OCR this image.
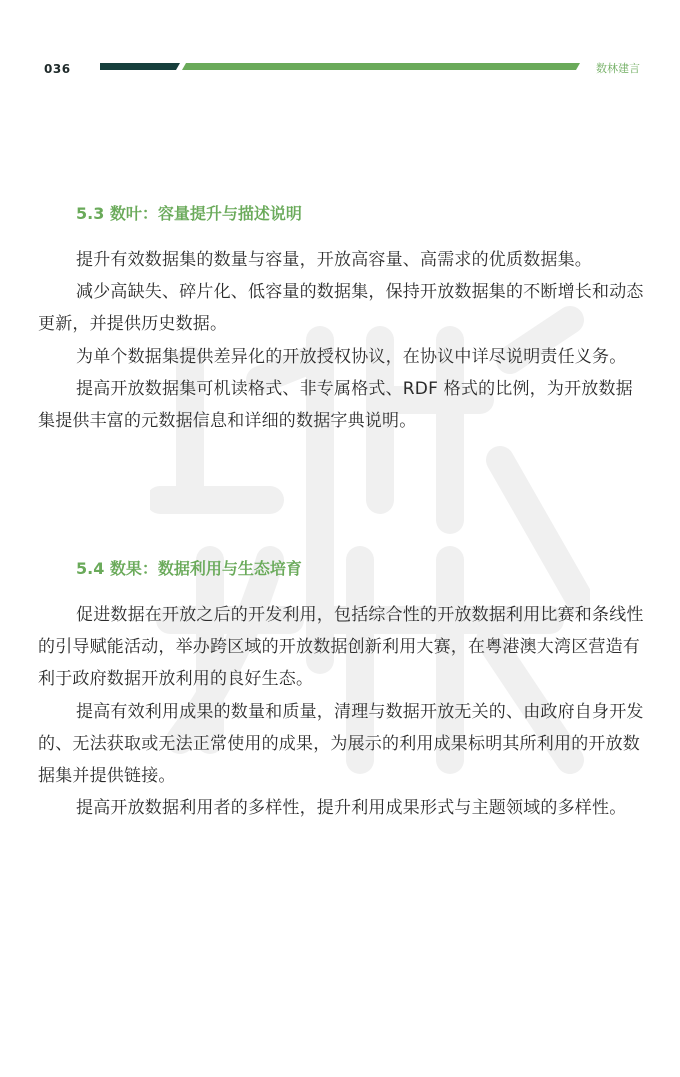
036	数林建言
5.3 数叶：容量提升与描述说明

提升有效数据集的数量与容量，开放高容量、高需求的优质数据集。

减少高缺失、碎片化、低容量的数据集，保持开放数据集的不断增长和动态更新，并提供历史数据。

为单个数据集提供差异化的开放授权协议，在协议中详尽说明责任义务。

提高开放数据集可机读格式、非专属格式、RDF 格式的比例，为开放数据集提供丰富的元数据信息和详细的数据字典说明。

5.4 数果：数据利用与生态培育

促进数据在开放之后的开发利用，包括综合性的开放数据利用比赛和条线性的引导赋能活动，举办跨区域的开放数据创新利用大赛，在粤港澳大湾区营造有利于政府数据开放利用的良好生态。

提高有效利用成果的数量和质量，清理与数据开放无关的、由政府自身开发的、无法获取或无法正常使用的成果，为展示的利用成果标明其所利用的开放数据集并提供链接。

提高开放数据利用者的多样性，提升利用成果形式与主题领域的多样性。
